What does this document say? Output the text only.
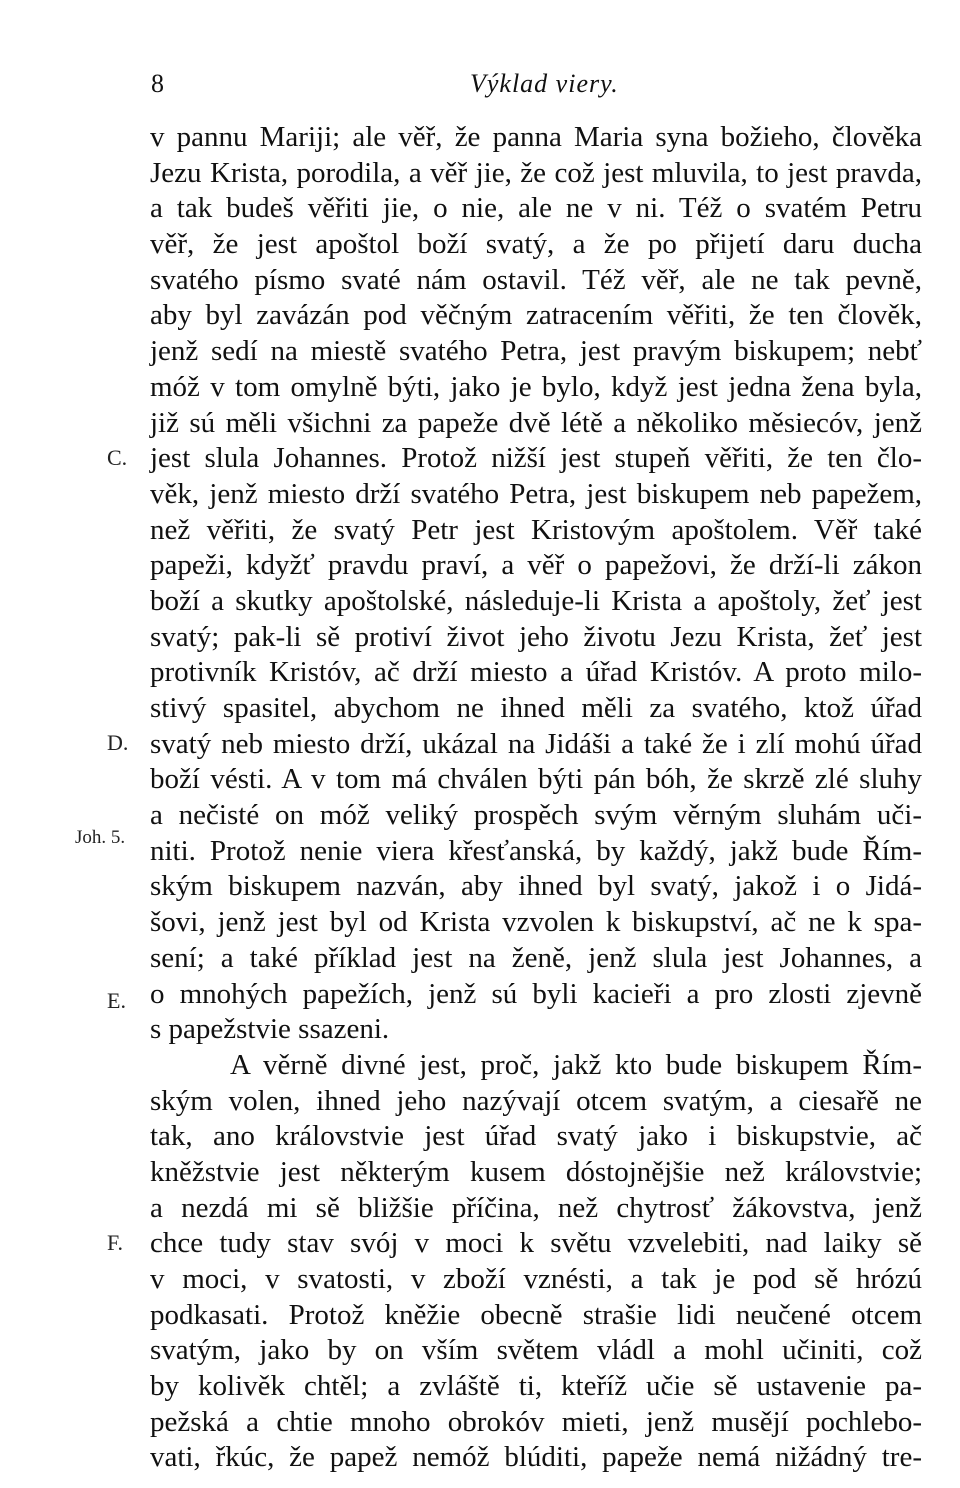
8	Výklad viery.
C.
D.
Joh. 5.
E.
F.
v pannu Mariji; ale věř, že panna Maria syna božieho, člověka
Jezu Krista, porodila, a věř jie, že což jest mluvila, to jest pravda,
a tak budeš věřiti jie, o nie, ale ne v ni. Též o svatém Petru
věř, že jest apoštol boží svatý, a že po přijetí daru ducha
svatého písmo svaté nám ostavil. Též věř, ale ne tak pevně,
aby byl zavázán pod věčným zatracením věřiti, že ten člověk,
jenž sedí na miestě svatého Petra, jest pravým biskupem; nebť
móž v tom omylně býti, jako je bylo, když jest jedna žena byla,
již sú měli všichni za papeže dvě létě a několiko měsiecóv, jenž
jest slula Johannes. Protož nižší jest stupeň věřiti, že ten člo-
věk, jenž miesto drží svatého Petra, jest biskupem neb papežem,
než věřiti, že svatý Petr jest Kristovým apoštolem. Věř také
papeži, kdyžť pravdu praví, a věř o papežovi, že drží-li zákon
boží a skutky apoštolské, následuje-li Krista a apoštoly, žeť jest
svatý; pak-li sě protiví život jeho životu Jezu Krista, žeť jest
protivník Kristóv, ač drží miesto a úřad Kristóv. A proto milo-
stivý spasitel, abychom ne ihned měli za svatého, ktož úřad
svatý neb miesto drží, ukázal na Jidáši a také že i zlí mohú úřad
boží vésti. A v tom má chválen býti pán bóh, že skrzě zlé sluhy
a nečisté on móž veliký prospěch svým věrným sluhám uči-
niti. Protož nenie viera křesťanská, by každý, jakž bude Řím-
ským biskupem nazván, aby ihned byl svatý, jakož i o Jidá-
šovi, jenž jest byl od Krista vzvolen k biskupství, ač ne k spa-
sení; a také příklad jest na ženě, jenž slula jest Johannes, a
o mnohých papežích, jenž sú byli kacieři a pro zlosti zjevně
s papežstvie ssazeni.
A věrně divné jest, proč, jakž kto bude biskupem Řím-
ským volen, ihned jeho nazývají otcem svatým, a ciesařě ne
tak, ano královstvie jest úřad svatý jako i biskupstvie, ač
kněžstvie jest některým kusem dóstojnějšie než královstvie;
a nezdá mi sě bližšie příčina, než chytrosť žákovstva, jenž
chce tudy stav svój v moci k světu vzvelebiti, nad laiky sě
v moci, v svatosti, v zboží vznésti, a tak je pod sě hrózú
podkasati. Protož kněžie obecně strašie lidi neučené otcem
svatým, jako by on vším světem vládl a mohl učiniti, což
by kolivěk chtěl; a zvláště ti, kteříž učie sě ustavenie pa-
pežská a chtie mnoho obrokóv mieti, jenž musějí pochlebo-
vati, řkúc, že papež nemóž blúditi, papeže nemá nižádný tre-
